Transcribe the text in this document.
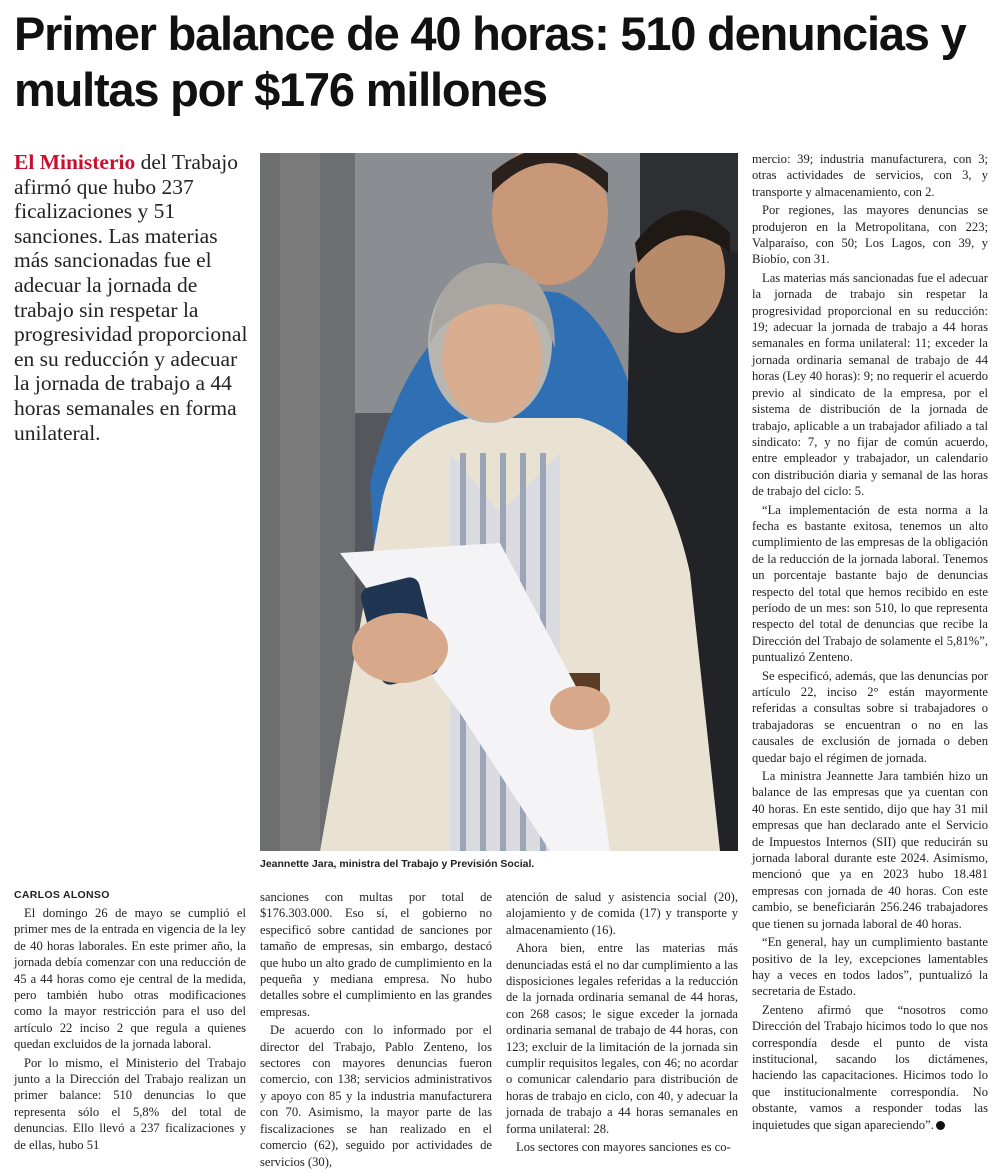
Primer balance de 40 horas: 510 denuncias y multas por $176 millones

El Ministerio del Trabajo afirmó que hubo 237 ficalizaciones y 51 sanciones. Las materias más sancionadas fue el adecuar la jornada de trabajo sin respetar la progresividad proporcional en su reducción y adecuar la jornada de trabajo a 44 horas semanales en forma unilateral.

Jeannette Jara, ministra del Trabajo y Previsión Social.

CARLOS ALONSO

El domingo 26 de mayo se cumplió el primer mes de la entrada en vigencia de la ley de 40 horas laborales. En este primer año, la jornada debía comenzar con una reducción de 45 a 44 horas como eje central de la medida, pero también hubo otras modificaciones como la mayor restricción para el uso del artículo 22 inciso 2 que regula a quienes quedan excluidos de la jornada laboral.

Por lo mismo, el Ministerio del Trabajo junto a la Dirección del Trabajo realizan un primer balance: 510 denuncias lo que representa sólo el 5,8% del total de denuncias. Ello llevó a 237 ficalizaciones y de ellas, hubo 51

sanciones con multas por total de $176.303.000. Eso sí, el gobierno no especificó sobre cantidad de sanciones por tamaño de empresas, sin embargo, destacó que hubo un alto grado de cumplimiento en la pequeña y mediana empresa. No hubo detalles sobre el cumplimiento en las grandes empresas.

De acuerdo con lo informado por el director del Trabajo, Pablo Zenteno, los sectores con mayores denuncias fueron comercio, con 138; servicios administrativos y apoyo con 85 y la industria manufacturera con 70. Asimismo, la mayor parte de las fiscalizaciones se han realizado en el comercio (62), seguido por actividades de servicios (30),

atención de salud y asistencia social (20), alojamiento y de comida (17) y transporte y almacenamiento (16).

Ahora bien, entre las materias más denunciadas está el no dar cumplimiento a las disposiciones legales referidas a la reducción de la jornada ordinaria semanal de 44 horas, con 268 casos; le sigue exceder la jornada ordinaria semanal de trabajo de 44 horas, con 123; excluir de la limitación de la jornada sin cumplir requisitos legales, con 46; no acordar o comunicar calendario para distribución de horas de trabajo en ciclo, con 40, y adecuar la jornada de trabajo a 44 horas semanales en forma unilateral: 28.

Los sectores con mayores sanciones es co-

mercio: 39; industria manufacturera, con 3; otras actividades de servicios, con 3, y transporte y almacenamiento, con 2.

Por regiones, las mayores denuncias se produjeron en la Metropolitana, con 223; Valparaíso, con 50; Los Lagos, con 39, y Biobío, con 31.

Las materias más sancionadas fue el adecuar la jornada de trabajo sin respetar la progresividad proporcional en su reducción: 19; adecuar la jornada de trabajo a 44 horas semanales en forma unilateral: 11; exceder la jornada ordinaria semanal de trabajo de 44 horas (Ley 40 horas): 9; no requerir el acuerdo previo al sindicato de la empresa, por el sistema de distribución de la jornada de trabajo, aplicable a un trabajador afiliado a tal sindicato: 7, y no fijar de común acuerdo, entre empleador y trabajador, un calendario con distribución diaria y semanal de las horas de trabajo del ciclo: 5.

“La implementación de esta norma a la fecha es bastante exitosa, tenemos un alto cumplimiento de las empresas de la obligación de la reducción de la jornada laboral. Tenemos un porcentaje bastante bajo de denuncias respecto del total que hemos recibido en este período de un mes: son 510, lo que representa respecto del total de denuncias que recibe la Dirección del Trabajo de solamente el 5,81%”, puntualizó Zenteno.

Se especificó, además, que las denuncias por artículo 22, inciso 2° están mayormente referidas a consultas sobre si trabajadores o trabajadoras se encuentran o no en las causales de exclusión de jornada o deben quedar bajo el régimen de jornada.

La ministra Jeannette Jara también hizo un balance de las empresas que ya cuentan con 40 horas. En este sentido, dijo que hay 31 mil empresas que han declarado ante el Servicio de Impuestos Internos (SII) que reducirán su jornada laboral durante este 2024. Asimismo, mencionó que ya en 2023 hubo 18.481 empresas con jornada de 40 horas. Con este cambio, se beneficiarán 256.246 trabajadores que tienen su jornada laboral de 40 horas.

“En general, hay un cumplimiento bastante positivo de la ley, excepciones lamentables hay a veces en todos lados”, puntualizó la secretaria de Estado.

Zenteno afirmó que “nosotros como Dirección del Trabajo hicimos todo lo que nos correspondía desde el punto de vista institucional, sacando los dictámenes, haciendo las capacitaciones. Hicimos todo lo que institucionalmente correspondía. No obstante, vamos a responder todas las inquietudes que sigan apareciendo”.
